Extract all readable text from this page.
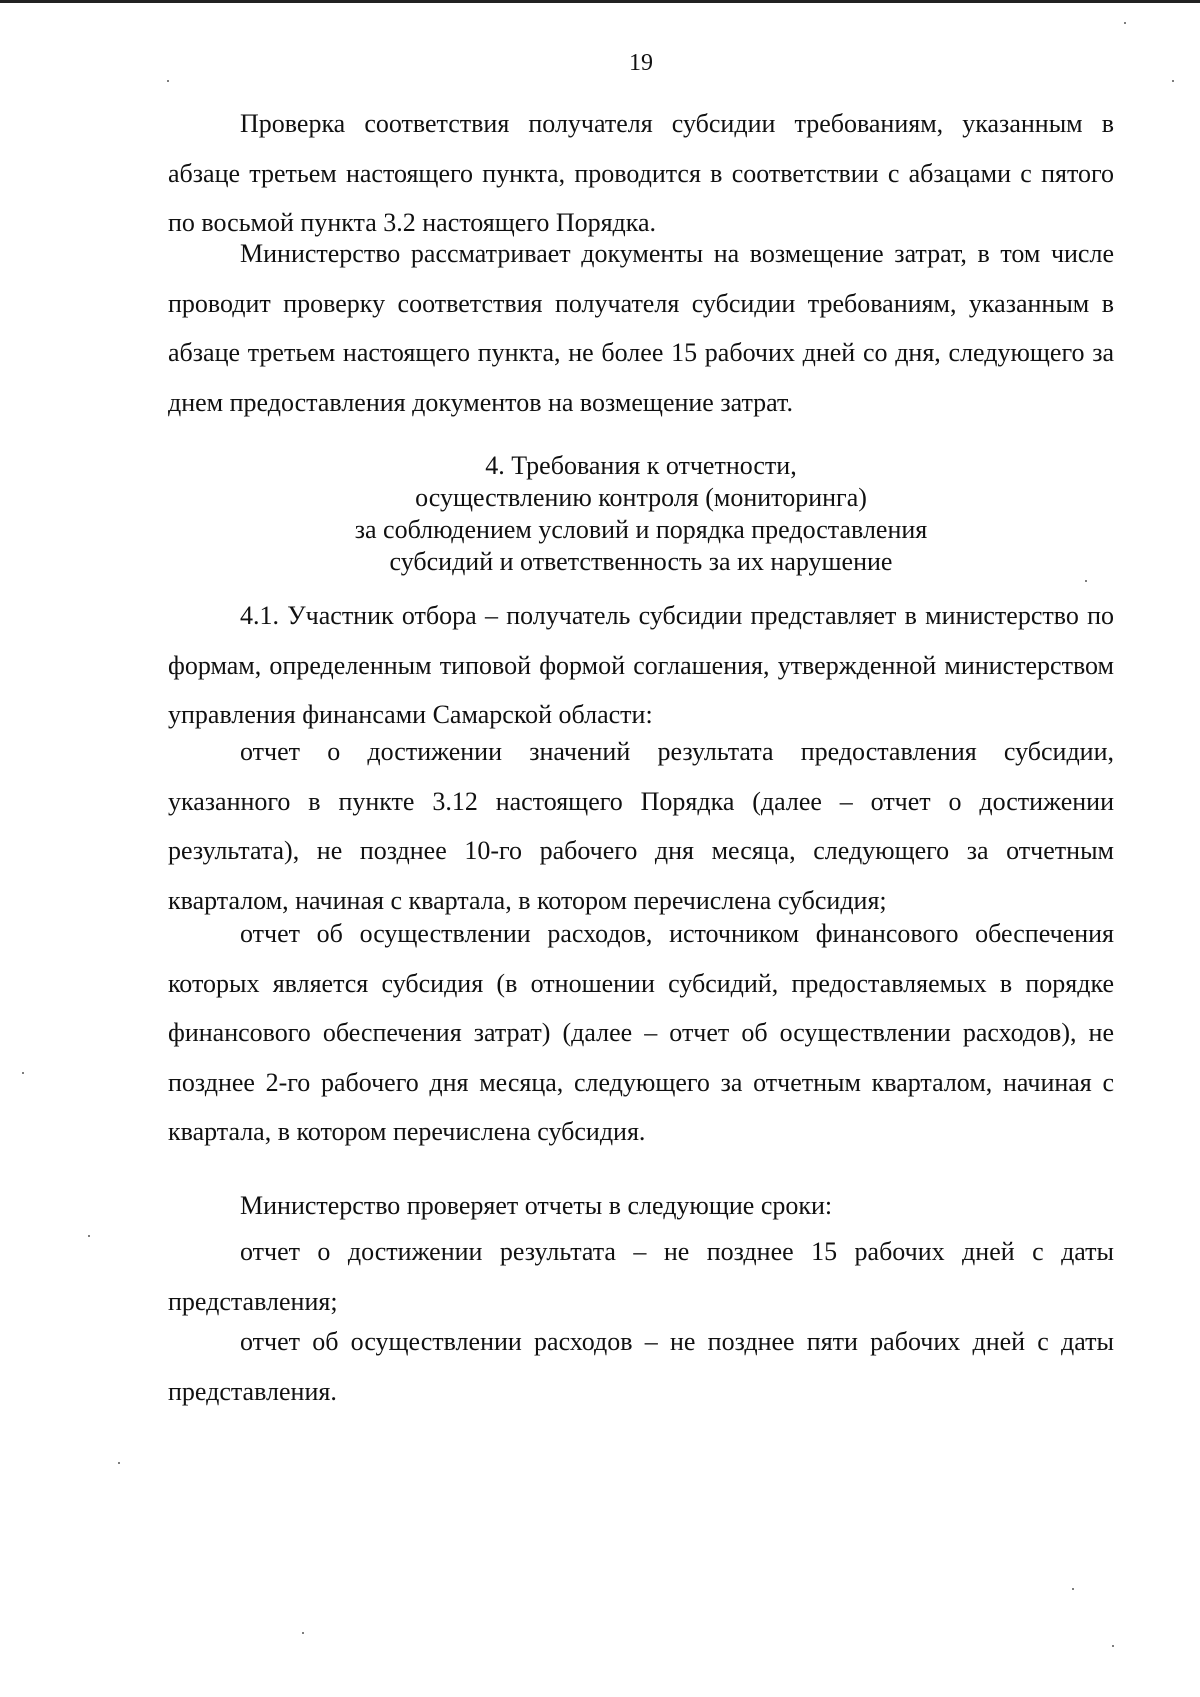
19

Проверка соответствия получателя субсидии требованиям, указанным в абзаце третьем настоящего пункта, проводится в соответствии с абзацами с пятого по восьмой пункта 3.2 настоящего Порядка.

Министерство рассматривает документы на возмещение затрат, в том числе проводит проверку соответствия получателя субсидии требованиям, указанным в абзаце третьем настоящего пункта, не более 15 рабочих дней со дня, следующего за днем предоставления документов на возмещение затрат.

4. Требования к отчетности,
осуществлению контроля (мониторинга)
за соблюдением условий и порядка предоставления
субсидий и ответственность за их нарушение

4.1. Участник отбора – получатель субсидии представляет в министерство по формам, определенным типовой формой соглашения, утвержденной министерством управления финансами Самарской области:

отчет о достижении значений результата предоставления субсидии, указанного в пункте 3.12 настоящего Порядка (далее – отчет о достижении результата), не позднее 10-го рабочего дня месяца, следующего за отчетным кварталом, начиная с квартала, в котором перечислена субсидия;

отчет об осуществлении расходов, источником финансового обеспечения которых является субсидия (в отношении субсидий, предоставляемых в порядке финансового обеспечения затрат) (далее – отчет об осуществлении расходов), не позднее 2-го рабочего дня месяца, следующего за отчетным кварталом, начиная с квартала, в котором перечислена субсидия.

Министерство проверяет отчеты в следующие сроки:

отчет о достижении результата – не позднее 15 рабочих дней с даты представления;

отчет об осуществлении расходов – не позднее пяти рабочих дней с даты представления.
